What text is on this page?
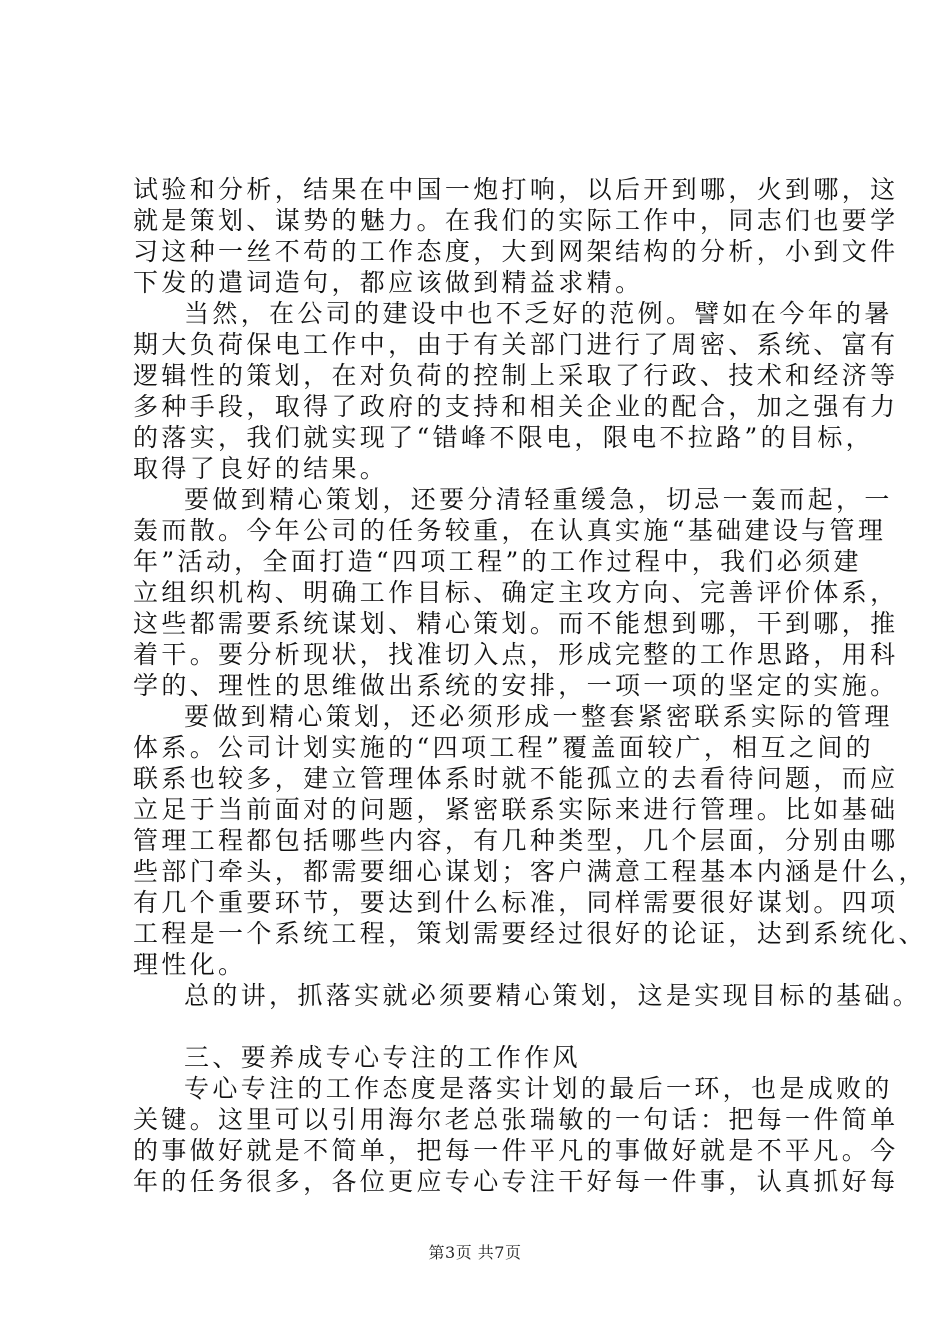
试验和分析，结果在中国一炮打响，以后开到哪，火到哪，这
就是策划、谋势的魅力。在我们的实际工作中，同志们也要学
习这种一丝不苟的工作态度，大到网架结构的分析，小到文件
下发的遣词造句，都应该做到精益求精。
当然，在公司的建设中也不乏好的范例。譬如在今年的暑
期大负荷保电工作中，由于有关部门进行了周密、系统、富有
逻辑性的策划，在对负荷的控制上采取了行政、技术和经济等
多种手段，取得了政府的支持和相关企业的配合，加之强有力
的落实，我们就实现了“错峰不限电，限电不拉路”的目标，
取得了良好的结果。
要做到精心策划，还要分清轻重缓急，切忌一轰而起，一
轰而散。今年公司的任务较重，在认真实施“基础建设与管理
年”活动，全面打造“四项工程”的工作过程中，我们必须建
立组织机构、明确工作目标、确定主攻方向、完善评价体系，
这些都需要系统谋划、精心策划。而不能想到哪，干到哪，推
着干。要分析现状，找准切入点，形成完整的工作思路，用科
学的、理性的思维做出系统的安排，一项一项的坚定的实施。
要做到精心策划，还必须形成一整套紧密联系实际的管理
体系。公司计划实施的“四项工程”覆盖面较广，相互之间的
联系也较多，建立管理体系时就不能孤立的去看待问题，而应
立足于当前面对的问题，紧密联系实际来进行管理。比如基础
管理工程都包括哪些内容，有几种类型，几个层面，分别由哪
些部门牵头，都需要细心谋划；客户满意工程基本内涵是什么，
有几个重要环节，要达到什么标准，同样需要很好谋划。四项
工程是一个系统工程，策划需要经过很好的论证，达到系统化、
理性化。
总的讲，抓落实就必须要精心策划，这是实现目标的基础。
三、要养成专心专注的工作作风
专心专注的工作态度是落实计划的最后一环，也是成败的
关键。这里可以引用海尔老总张瑞敏的一句话：把每一件简单
的事做好就是不简单，把每一件平凡的事做好就是不平凡。今
年的任务很多，各位更应专心专注干好每一件事，认真抓好每
第3页 共7页
